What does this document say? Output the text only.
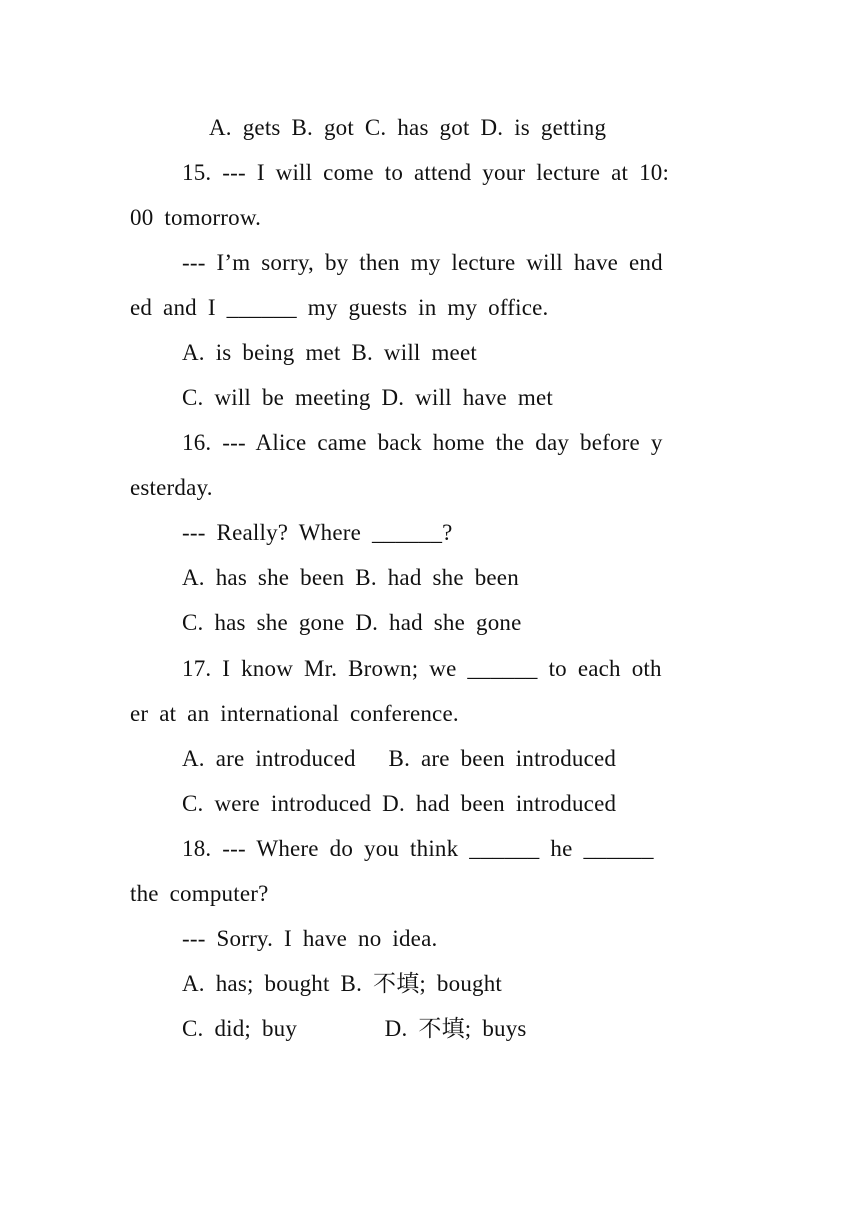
A. gets B. got C. has got D. is getting
15. --- I will come to attend your lecture at 10:
00 tomorrow.
--- I’m sorry, by then my lecture will have end
ed and I ______ my guests in my office.
A. is being met B. will meet
C. will be meeting D. will have met
16. --- Alice came back home the day before y
esterday.
--- Really? Where ______?
A. has she been B. had she been
C. has she gone D. had she gone
17. I know Mr. Brown; we ______ to each oth
er at an international conference.
A. are introduced   B. are been introduced
C. were introduced D. had been introduced
18. --- Where do you think ______ he ______
the computer?
--- Sorry. I have no idea.
A. has; bought B. 不填; bought
C. did; buy        D. 不填; buys
